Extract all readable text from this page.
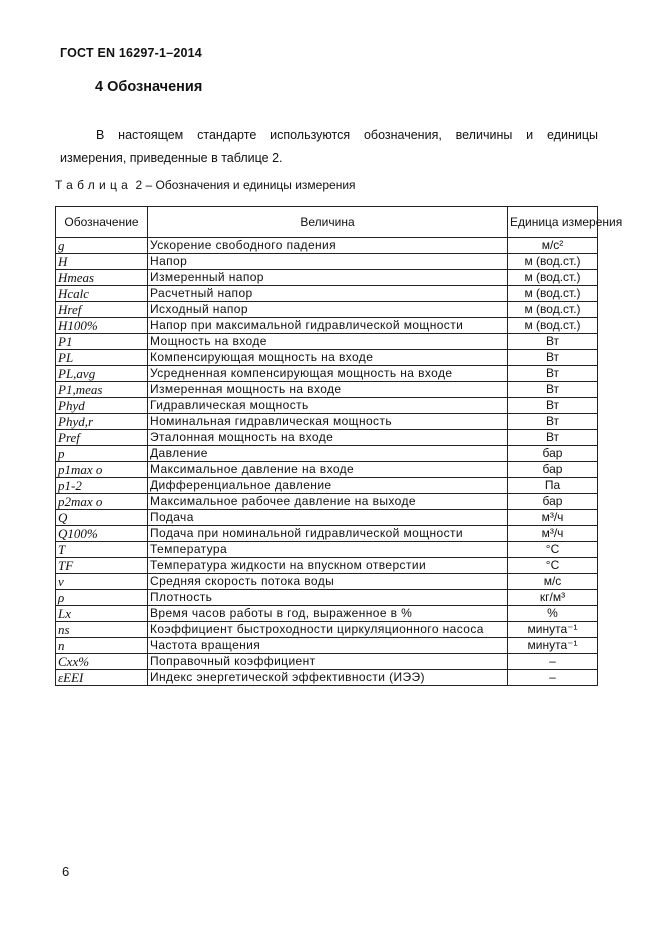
ГОСТ EN 16297-1–2014
4 Обозначения
В настоящем стандарте используются обозначения, величины и единицы
измерения, приведенные в таблице 2.
Таблица 2 – Обозначения и единицы измерения
Обозначение	Величина	Единица измерения
g	Ускорение свободного падения	м/с²
H	Напор	м (вод.ст.)
Hmeas	Измеренный напор	м (вод.ст.)
Hcalc	Расчетный напор	м (вод.ст.)
Href	Исходный напор	м (вод.ст.)
H100%	Напор при максимальной гидравлической мощности	м (вод.ст.)
P1	Мощность на входе	Вт
PL	Компенсирующая мощность на входе	Вт
PL,avg	Усредненная компенсирующая мощность на входе	Вт
P1,meas	Измеренная мощность на входе	Вт
Phyd	Гидравлическая мощность	Вт
Phyd,r	Номинальная гидравлическая мощность	Вт
Pref	Эталонная мощность на входе	Вт
p	Давление	бар
p1max o	Максимальное давление на входе	бар
p1-2	Дифференциальное давление	Па
p2max o	Максимальное рабочее давление на выходе	бар
Q	Подача	м³/ч
Q100%	Подача при номинальной гидравлической мощности	м³/ч
T	Температура	°С
TF	Температура жидкости на впускном отверстии	°С
v	Средняя скорость потока воды	м/с
ρ	Плотность	кг/м³
Lx	Время часов работы в год, выраженное в %	%
ns	Коэффициент быстроходности циркуляционного насоса	минута⁻¹
n	Частота вращения	минута⁻¹
Cxx%	Поправочный коэффициент	–
εEEI	Индекс энергетической эффективности (ИЭЭ)	–
6
